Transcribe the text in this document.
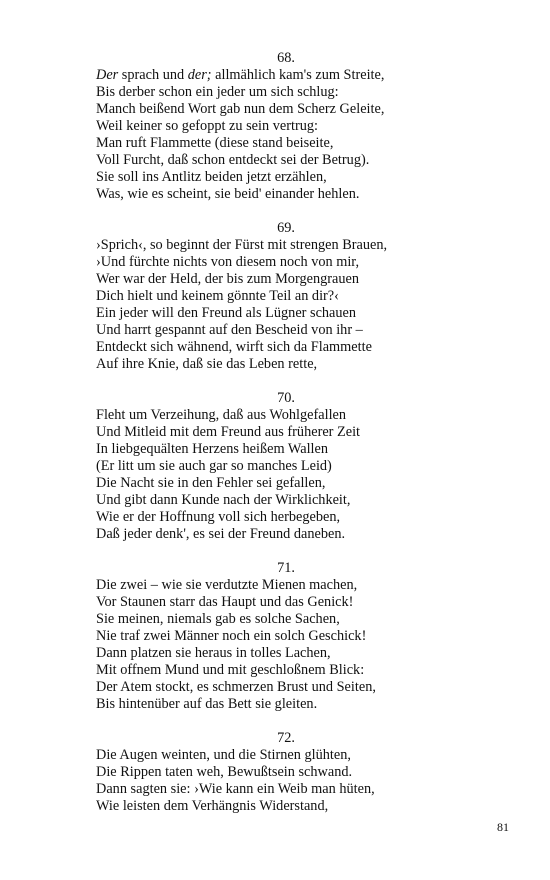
68.
Der sprach und der; allmählich kam's zum Streite,
Bis derber schon ein jeder um sich schlug:
Manch beißend Wort gab nun dem Scherz Geleite,
Weil keiner so gefoppt zu sein vertrug:
Man ruft Flammette (diese stand beiseite,
Voll Furcht, daß schon entdeckt sei der Betrug).
Sie soll ins Antlitz beiden jetzt erzählen,
Was, wie es scheint, sie beid' einander hehlen.
69.
›Sprich‹, so beginnt der Fürst mit strengen Brauen,
›Und fürchte nichts von diesem noch von mir,
Wer war der Held, der bis zum Morgengrauen
Dich hielt und keinem gönnte Teil an dir?‹
Ein jeder will den Freund als Lügner schauen
Und harrt gespannt auf den Bescheid von ihr –
Entdeckt sich wähnend, wirft sich da Flammette
Auf ihre Knie, daß sie das Leben rette,
70.
Fleht um Verzeihung, daß aus Wohlgefallen
Und Mitleid mit dem Freund aus früherer Zeit
In liebgequälten Herzens heißem Wallen
(Er litt um sie auch gar so manches Leid)
Die Nacht sie in den Fehler sei gefallen,
Und gibt dann Kunde nach der Wirklichkeit,
Wie er der Hoffnung voll sich herbegeben,
Daß jeder denk', es sei der Freund daneben.
71.
Die zwei – wie sie verdutzte Mienen machen,
Vor Staunen starr das Haupt und das Genick!
Sie meinen, niemals gab es solche Sachen,
Nie traf zwei Männer noch ein solch Geschick!
Dann platzen sie heraus in tolles Lachen,
Mit offnem Mund und mit geschloßnem Blick:
Der Atem stockt, es schmerzen Brust und Seiten,
Bis hintenüber auf das Bett sie gleiten.
72.
Die Augen weinten, und die Stirnen glühten,
Die Rippen taten weh, Bewußtsein schwand.
Dann sagten sie: ›Wie kann ein Weib man hüten,
Wie leisten dem Verhängnis Widerstand,
81
